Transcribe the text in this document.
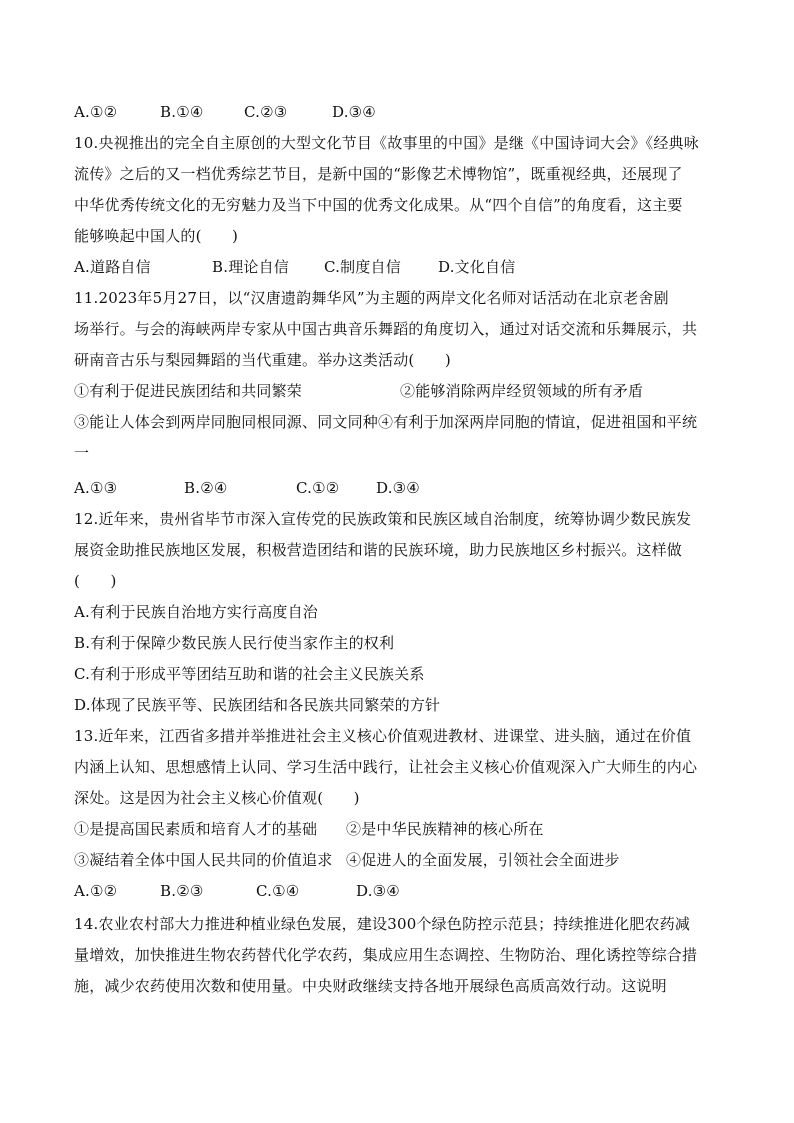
A.①②	B.①④	C.②③	D.③④
10.央视推出的完全自主原创的大型文化节目《故事里的中国》是继《中国诗词大会》《经典咏
流传》之后的又一档优秀综艺节目，是新中国的“影像艺术博物馆”，既重视经典，还展现了
中华优秀传统文化的无穷魅力及当下中国的优秀文化成果。从“四个自信”的角度看，这主要
能够唤起中国人的(　　)
A.道路自信	B.理论自信 C.制度自信 D.文化自信
11.2023年5月27日，以“汉唐遗韵舞华风”为主题的两岸文化名师对话活动在北京老舍剧
场举行。与会的海峡两岸专家从中国古典音乐舞蹈的角度切入，通过对话交流和乐舞展示，共
研南音古乐与梨园舞蹈的当代重建。举办这类活动(　　)
①有利于促进民族团结和共同繁荣	②能够消除两岸经贸领域的所有矛盾
③能让人体会到两岸同胞同根同源、同文同种④有利于加深两岸同胞的情谊，促进祖国和平统
一
A.①③	B.②④	C.①② D.③④
12.近年来，贵州省毕节市深入宣传党的民族政策和民族区域自治制度，统筹协调少数民族发
展资金助推民族地区发展，积极营造团结和谐的民族环境，助力民族地区乡村振兴。这样做
(　　)
A.有利于民族自治地方实行高度自治
B.有利于保障少数民族人民行使当家作主的权利
C.有利于形成平等团结互助和谐的社会主义民族关系
D.体现了民族平等、民族团结和各民族共同繁荣的方针
13.近年来，江西省多措并举推进社会主义核心价值观进教材、进课堂、进头脑，通过在价值
内涵上认知、思想感情上认同、学习生活中践行，让社会主义核心价值观深入广大师生的内心
深处。这是因为社会主义核心价值观(　　)
①是提高国民素质和培育人才的基础 ②是中华民族精神的核心所在
③凝结着全体中国人民共同的价值追求 ④促进人的全面发展，引领社会全面进步
A.①②	B.②③	C.①④	D.③④
14.农业农村部大力推进种植业绿色发展，建设300个绿色防控示范县；持续推进化肥农药减
量增效，加快推进生物农药替代化学农药，集成应用生态调控、生物防治、理化诱控等综合措
施，减少农药使用次数和使用量。中央财政继续支持各地开展绿色高质高效行动。这说明
